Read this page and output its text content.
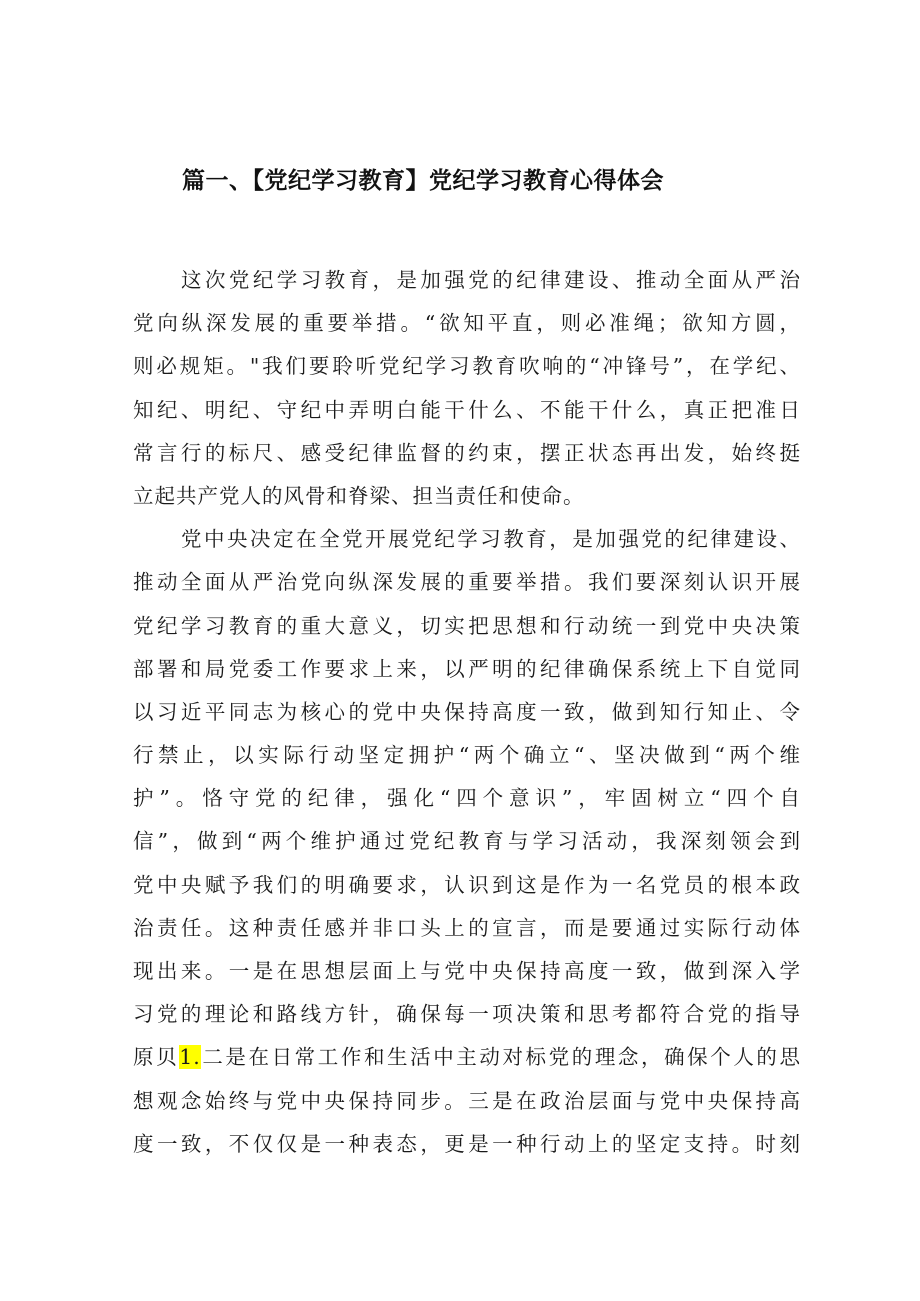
篇一、【党纪学习教育】党纪学习教育心得体会
这次党纪学习教育，是加强党的纪律建设、推动全面从严治
党向纵深发展的重要举措。“欲知平直，则必准绳；欲知方圆，
则必规矩。"我们要聆听党纪学习教育吹响的“冲锋号”，在学纪、
知纪、明纪、守纪中弄明白能干什么、不能干什么，真正把准日
常言行的标尺、感受纪律监督的约束，摆正状态再出发，始终挺
立起共产党人的风骨和脊梁、担当责任和使命。
党中央决定在全党开展党纪学习教育，是加强党的纪律建设、
推动全面从严治党向纵深发展的重要举措。我们要深刻认识开展
党纪学习教育的重大意义，切实把思想和行动统一到党中央决策
部署和局党委工作要求上来，以严明的纪律确保系统上下自觉同
以习近平同志为核心的党中央保持高度一致，做到知行知止、令
行禁止，以实际行动坚定拥护“两个确立“、坚决做到“两个维
护”。恪守党的纪律，强化“四个意识”，牢固树立“四个自
信”，做到“两个维护通过党纪教育与学习活动，我深刻领会到
党中央赋予我们的明确要求，认识到这是作为一名党员的根本政
治责任。这种责任感并非口头上的宣言，而是要通过实际行动体
现出来。一是在思想层面上与党中央保持高度一致，做到深入学
习党的理论和路线方针，确保每一项决策和思考都符合党的指导
原贝1.二是在日常工作和生活中主动对标党的理念，确保个人的思
想观念始终与党中央保持同步。三是在政治层面与党中央保持高
度一致，不仅仅是一种表态，更是一种行动上的坚定支持。时刻
